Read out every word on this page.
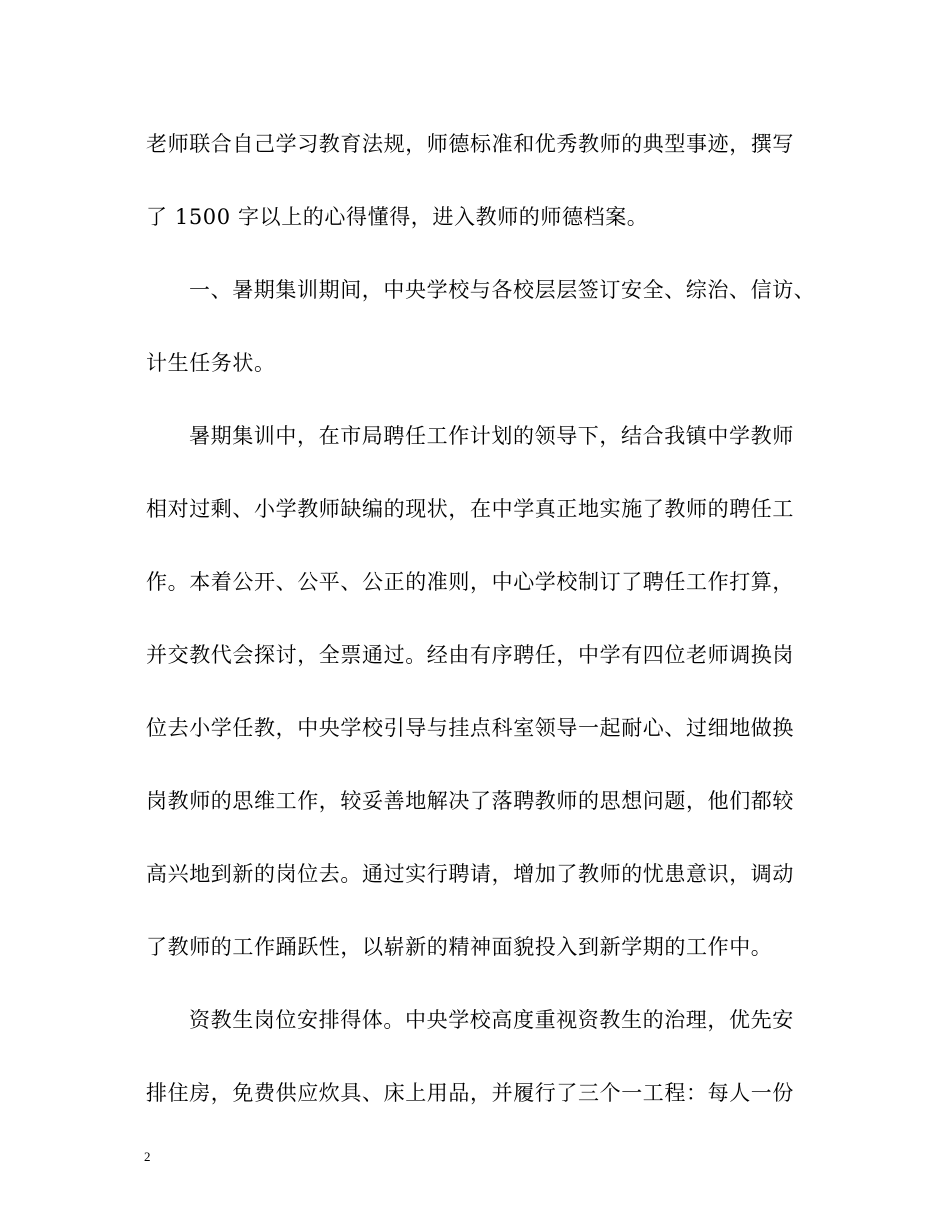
老师联合自己学习教育法规，师德标准和优秀教师的典型事迹，撰写
了 1500 字以上的心得懂得，进入教师的师德档案。
一、暑期集训期间，中央学校与各校层层签订安全、综治、信访、
计生任务状。
暑期集训中，在市局聘任工作计划的领导下，结合我镇中学教师
相对过剩、小学教师缺编的现状，在中学真正地实施了教师的聘任工
作。本着公开、公平、公正的准则，中心学校制订了聘任工作打算，
并交教代会探讨，全票通过。经由有序聘任，中学有四位老师调换岗
位去小学任教，中央学校引导与挂点科室领导一起耐心、过细地做换
岗教师的思维工作，较妥善地解决了落聘教师的思想问题，他们都较
高兴地到新的岗位去。通过实行聘请，增加了教师的忧患意识，调动
了教师的工作踊跃性，以崭新的精神面貌投入到新学期的工作中。
资教生岗位安排得体。中央学校高度重视资教生的治理，优先安
排住房，免费供应炊具、床上用品，并履行了三个一工程：每人一份
2
